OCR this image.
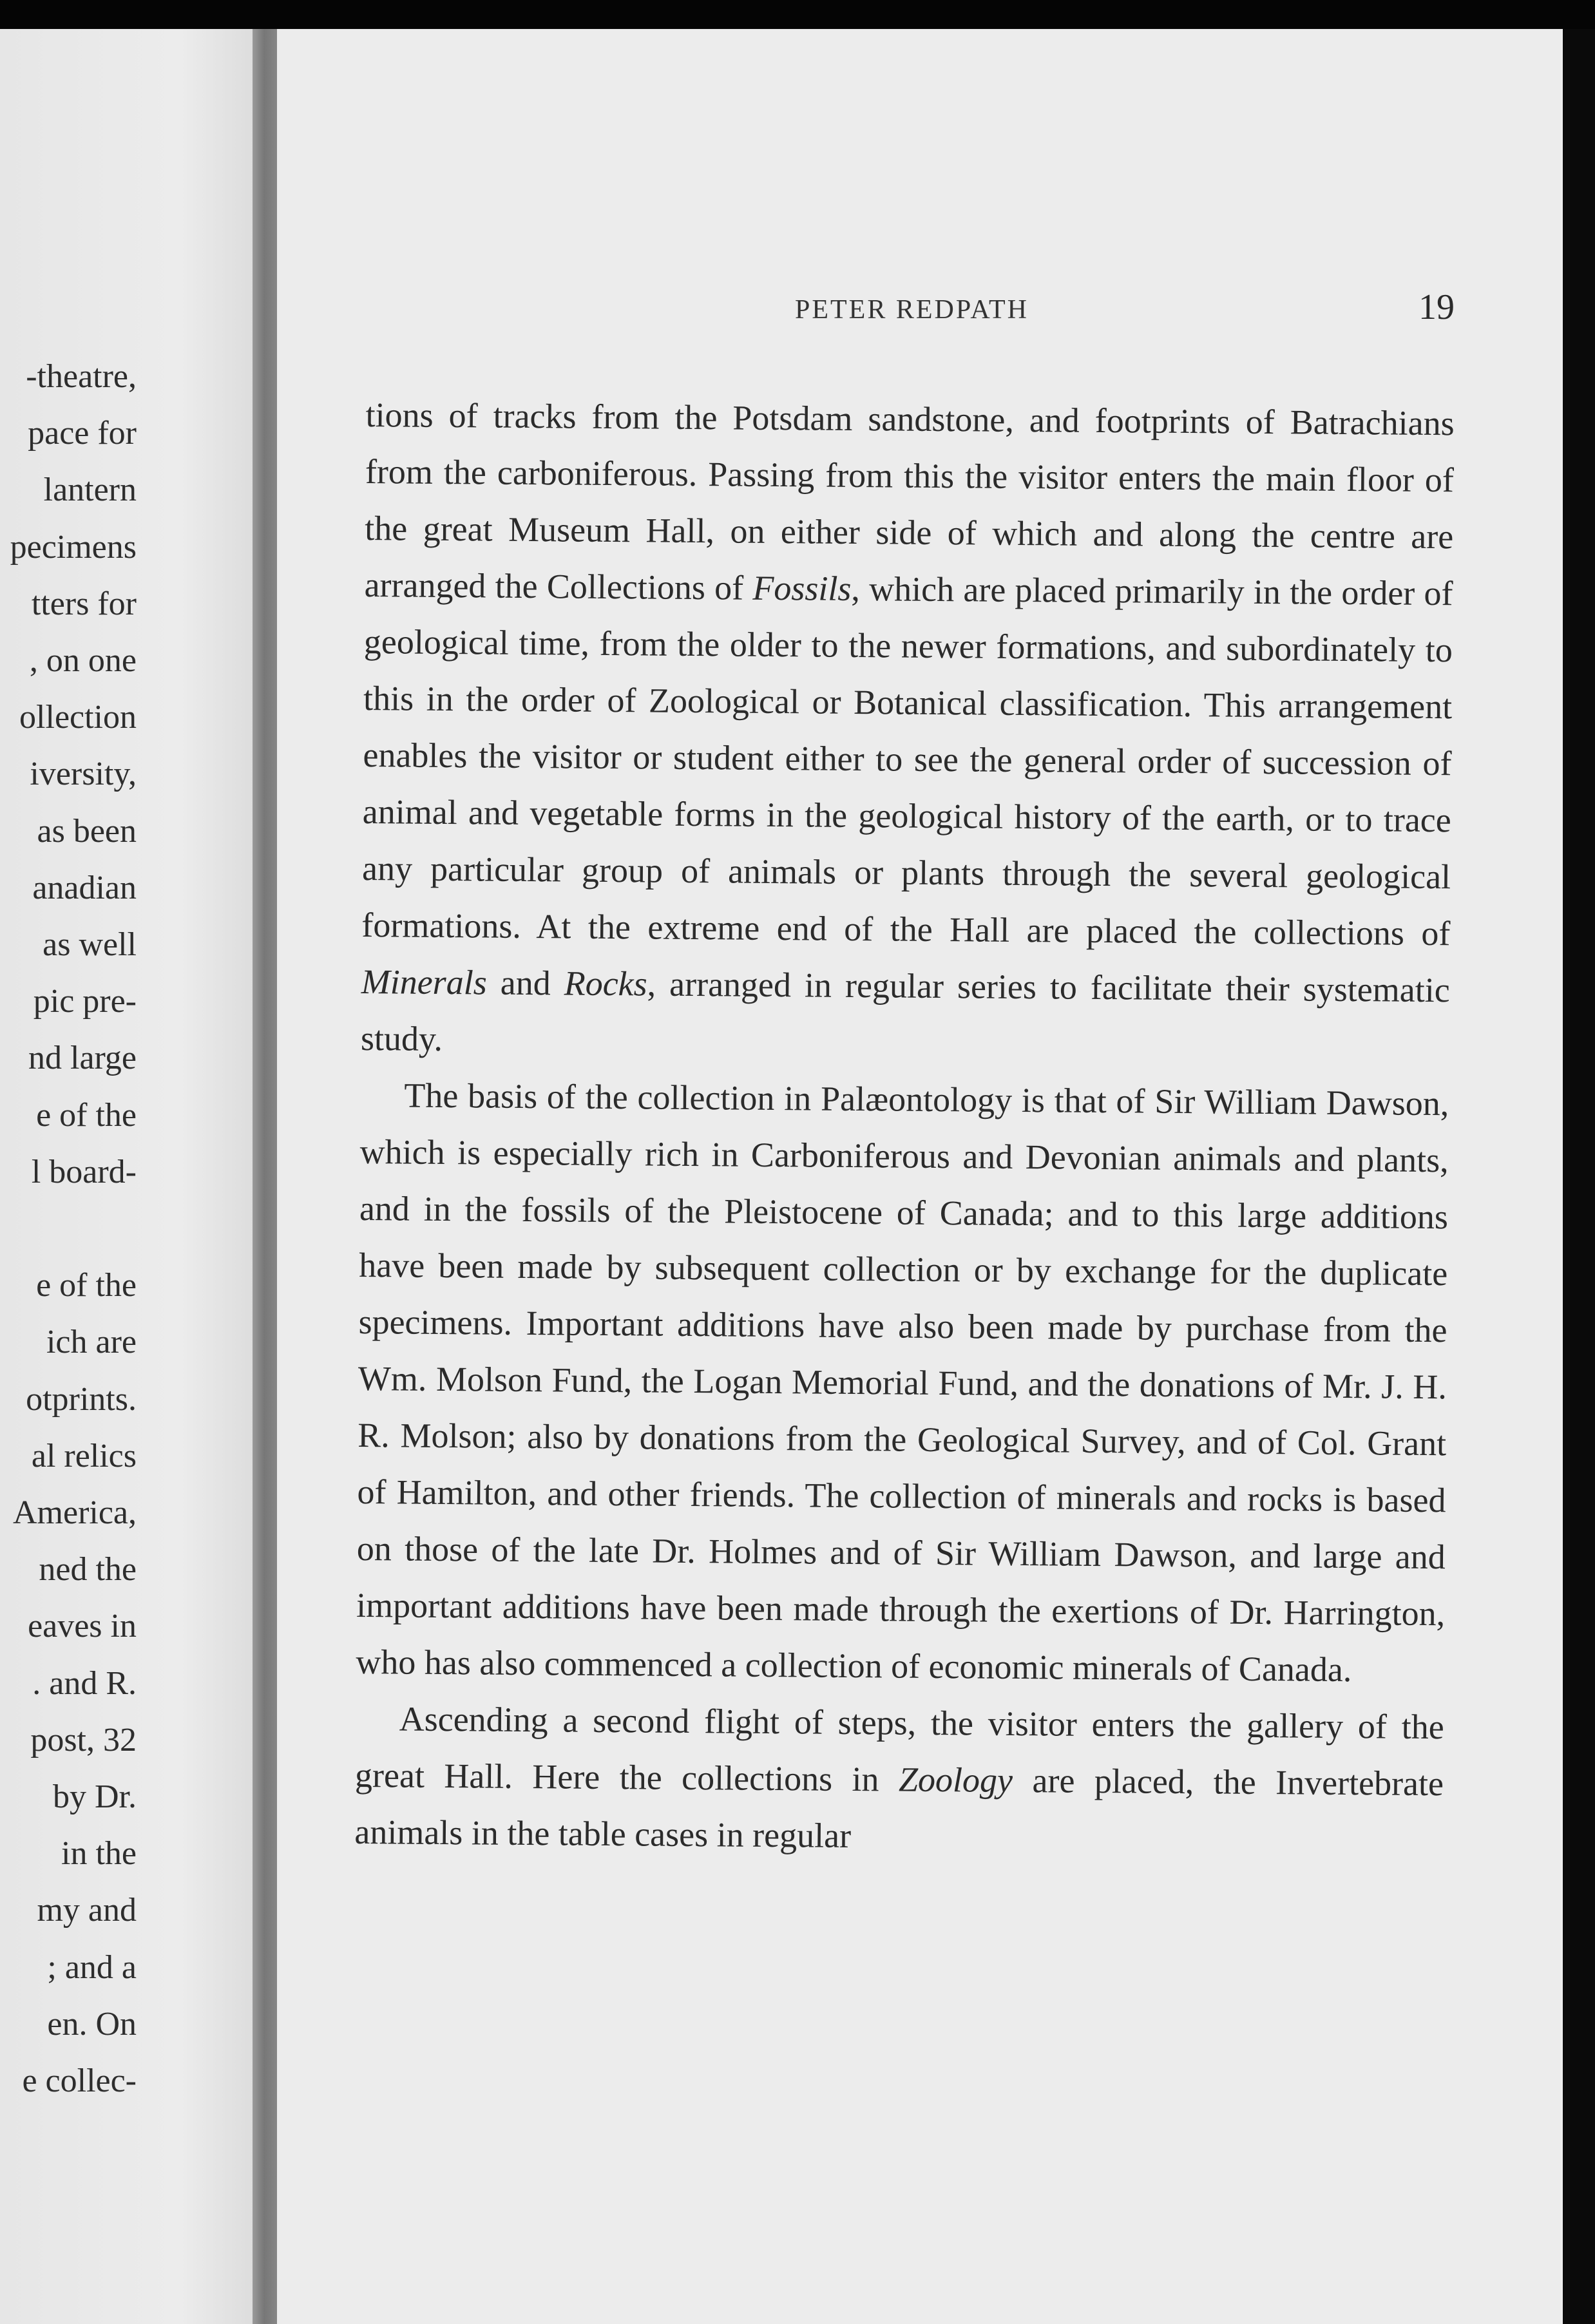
-theatre,
pace for
lantern
pecimens
tters for
, on one
ollection
iversity,
as been
anadian
as well
pic pre-
nd large
e of the
l board-
e of the
ich are
otprints.
al relics
America,
ned the
eaves in
. and R.
post, 32
by Dr.
in the
my and
; and a
en. On
e collec-
PETER REDPATH	19

tions of tracks from the Potsdam sandstone, and footprints of Batrachians from the carboniferous. Passing from this the visitor enters the main floor of the great Museum Hall, on either side of which and along the centre are arranged the Collections of Fossils, which are placed primarily in the order of geological time, from the older to the newer formations, and subordinately to this in the order of Zoological or Botanical classification. This arrangement enables the visitor or student either to see the general order of succession of animal and vegetable forms in the geological history of the earth, or to trace any particular group of animals or plants through the several geological formations. At the extreme end of the Hall are placed the collections of Minerals and Rocks, arranged in regular series to facilitate their systematic study.

The basis of the collection in Palæontology is that of Sir William Dawson, which is especially rich in Carboniferous and Devonian animals and plants, and in the fossils of the Pleistocene of Canada; and to this large additions have been made by subsequent collection or by exchange for the duplicate specimens. Important additions have also been made by purchase from the Wm. Molson Fund, the Logan Memorial Fund, and the donations of Mr. J. H. R. Molson; also by donations from the Geological Survey, and of Col. Grant of Hamilton, and other friends. The collection of minerals and rocks is based on those of the late Dr. Holmes and of Sir William Dawson, and large and important additions have been made through the exertions of Dr. Harrington, who has also commenced a collection of economic minerals of Canada.

Ascending a second flight of steps, the visitor enters the gallery of the great Hall. Here the collections in Zoology are placed, the Invertebrate animals in the table cases in regular
